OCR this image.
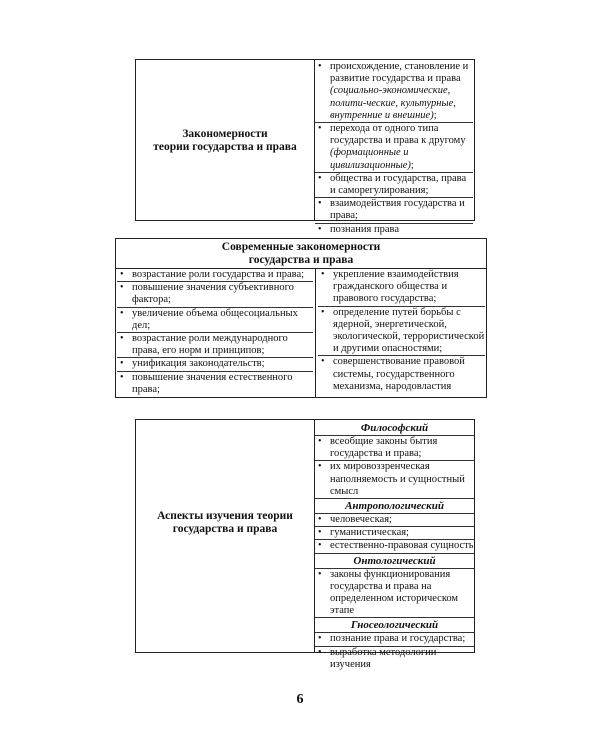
Закономерности
теории государства и права
• происхождение, становление и развитие государства и права (социально-экономические, полити-ческие, культурные, внутренние и внешние);
• перехода от одного типа государства и права к другому (формационные и цивилизационные);
• общества и государства, права и саморегулирования;
• взаимодействия государства и права;
• познания права
Современные закономерности
государства и права
• возрастание роли государства и права;
• повышение значения субъективного фактора;
• увеличение объема общесоциальных дел;
• возрастание роли международного права, его норм и принципов;
• унификация законодательств;
• повышение значения естественного права;
• укрепление взаимодействия гражданского общества и правового государства;
• определение путей борьбы с ядерной, энергетической, экологической, террористической и другими опасностями;
• совершенствование правовой системы, государственного механизма, народовластия
Аспекты изучения теории
государства и права
Философский
• всеобщие законы бытия государства и права;
• их мировоззренческая наполняемость и сущностный смысл
Антропологический
• человеческая;
• гуманистическая;
• естественно-правовая сущность
Онтологический
• законы функционирования государства и права на определенном историческом этапе
Гносеологический
• познание права и государства;
• выработка методологии изучения
6
